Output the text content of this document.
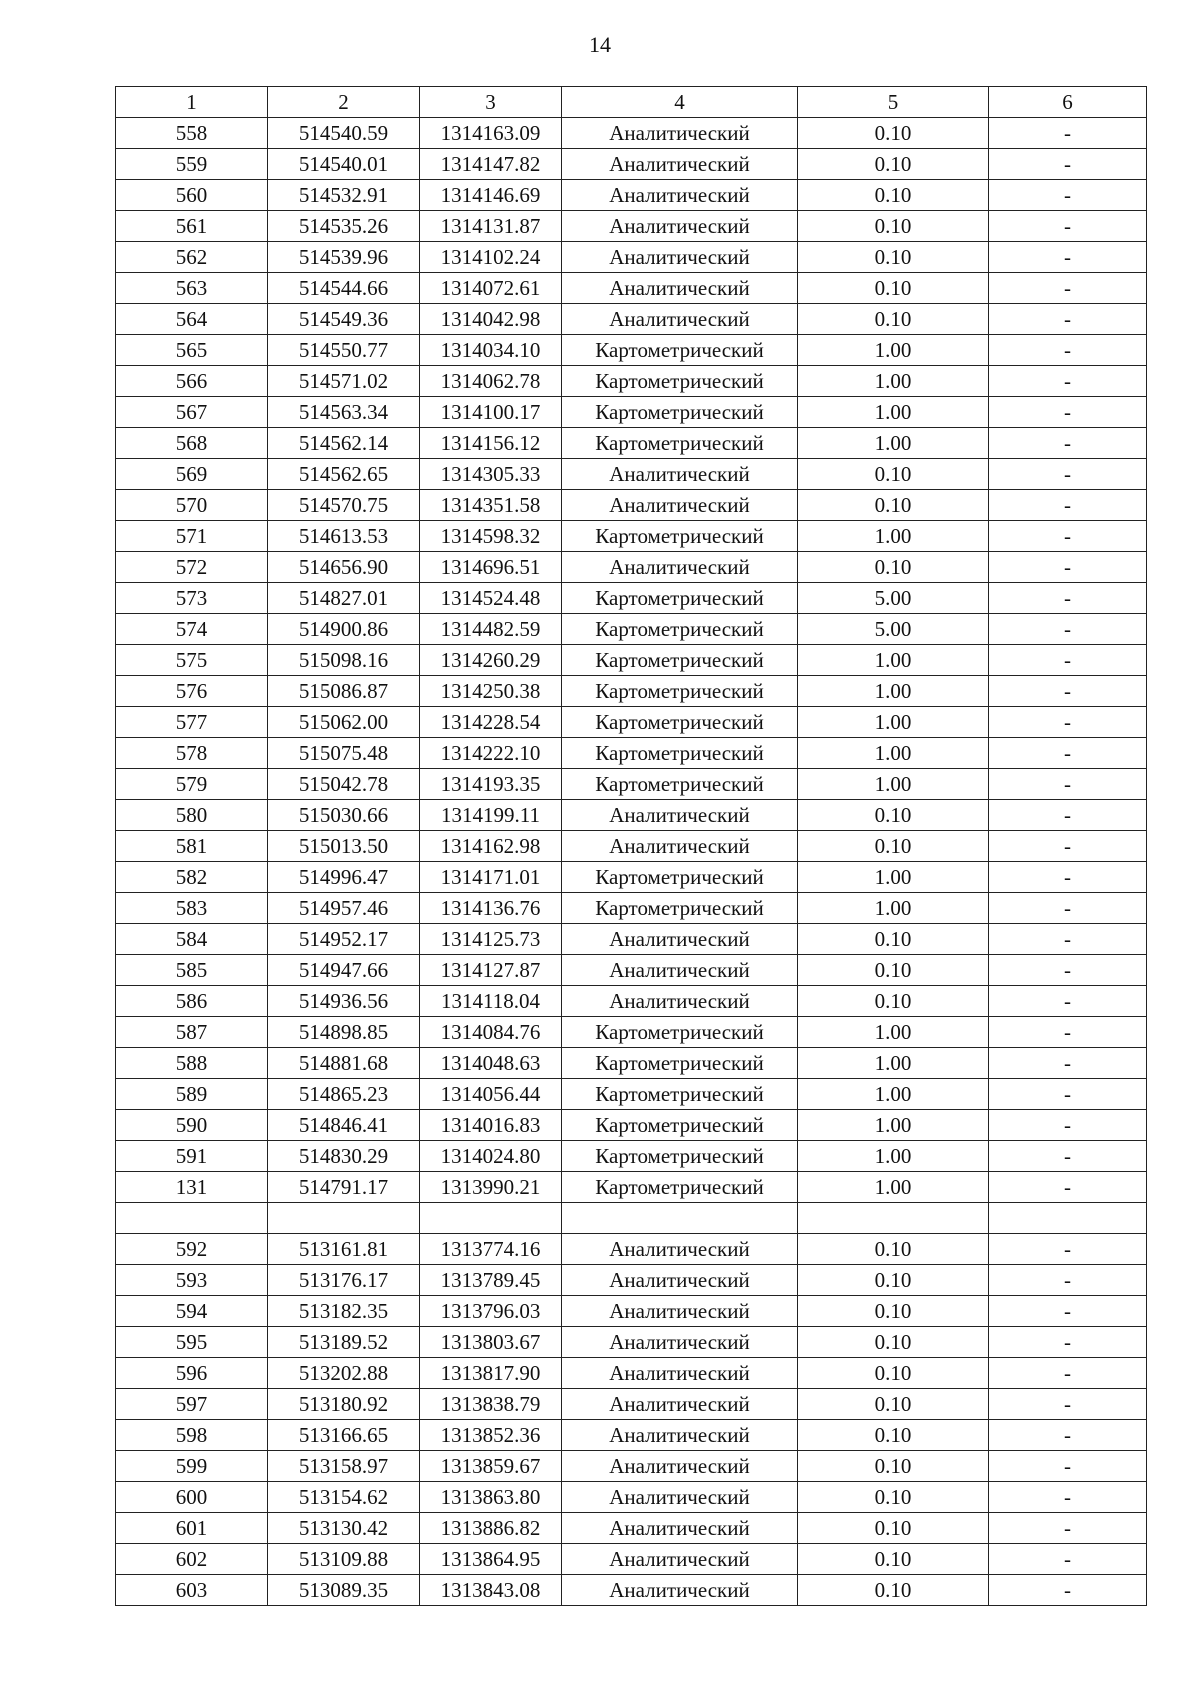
14
1	2	3	4	5	6
558	514540.59	1314163.09	Аналитический	0.10	-
559	514540.01	1314147.82	Аналитический	0.10	-
560	514532.91	1314146.69	Аналитический	0.10	-
561	514535.26	1314131.87	Аналитический	0.10	-
562	514539.96	1314102.24	Аналитический	0.10	-
563	514544.66	1314072.61	Аналитический	0.10	-
564	514549.36	1314042.98	Аналитический	0.10	-
565	514550.77	1314034.10	Картометрический	1.00	-
566	514571.02	1314062.78	Картометрический	1.00	-
567	514563.34	1314100.17	Картометрический	1.00	-
568	514562.14	1314156.12	Картометрический	1.00	-
569	514562.65	1314305.33	Аналитический	0.10	-
570	514570.75	1314351.58	Аналитический	0.10	-
571	514613.53	1314598.32	Картометрический	1.00	-
572	514656.90	1314696.51	Аналитический	0.10	-
573	514827.01	1314524.48	Картометрический	5.00	-
574	514900.86	1314482.59	Картометрический	5.00	-
575	515098.16	1314260.29	Картометрический	1.00	-
576	515086.87	1314250.38	Картометрический	1.00	-
577	515062.00	1314228.54	Картометрический	1.00	-
578	515075.48	1314222.10	Картометрический	1.00	-
579	515042.78	1314193.35	Картометрический	1.00	-
580	515030.66	1314199.11	Аналитический	0.10	-
581	515013.50	1314162.98	Аналитический	0.10	-
582	514996.47	1314171.01	Картометрический	1.00	-
583	514957.46	1314136.76	Картометрический	1.00	-
584	514952.17	1314125.73	Аналитический	0.10	-
585	514947.66	1314127.87	Аналитический	0.10	-
586	514936.56	1314118.04	Аналитический	0.10	-
587	514898.85	1314084.76	Картометрический	1.00	-
588	514881.68	1314048.63	Картометрический	1.00	-
589	514865.23	1314056.44	Картометрический	1.00	-
590	514846.41	1314016.83	Картометрический	1.00	-
591	514830.29	1314024.80	Картометрический	1.00	-
131	514791.17	1313990.21	Картометрический	1.00	-

592	513161.81	1313774.16	Аналитический	0.10	-
593	513176.17	1313789.45	Аналитический	0.10	-
594	513182.35	1313796.03	Аналитический	0.10	-
595	513189.52	1313803.67	Аналитический	0.10	-
596	513202.88	1313817.90	Аналитический	0.10	-
597	513180.92	1313838.79	Аналитический	0.10	-
598	513166.65	1313852.36	Аналитический	0.10	-
599	513158.97	1313859.67	Аналитический	0.10	-
600	513154.62	1313863.80	Аналитический	0.10	-
601	513130.42	1313886.82	Аналитический	0.10	-
602	513109.88	1313864.95	Аналитический	0.10	-
603	513089.35	1313843.08	Аналитический	0.10	-
